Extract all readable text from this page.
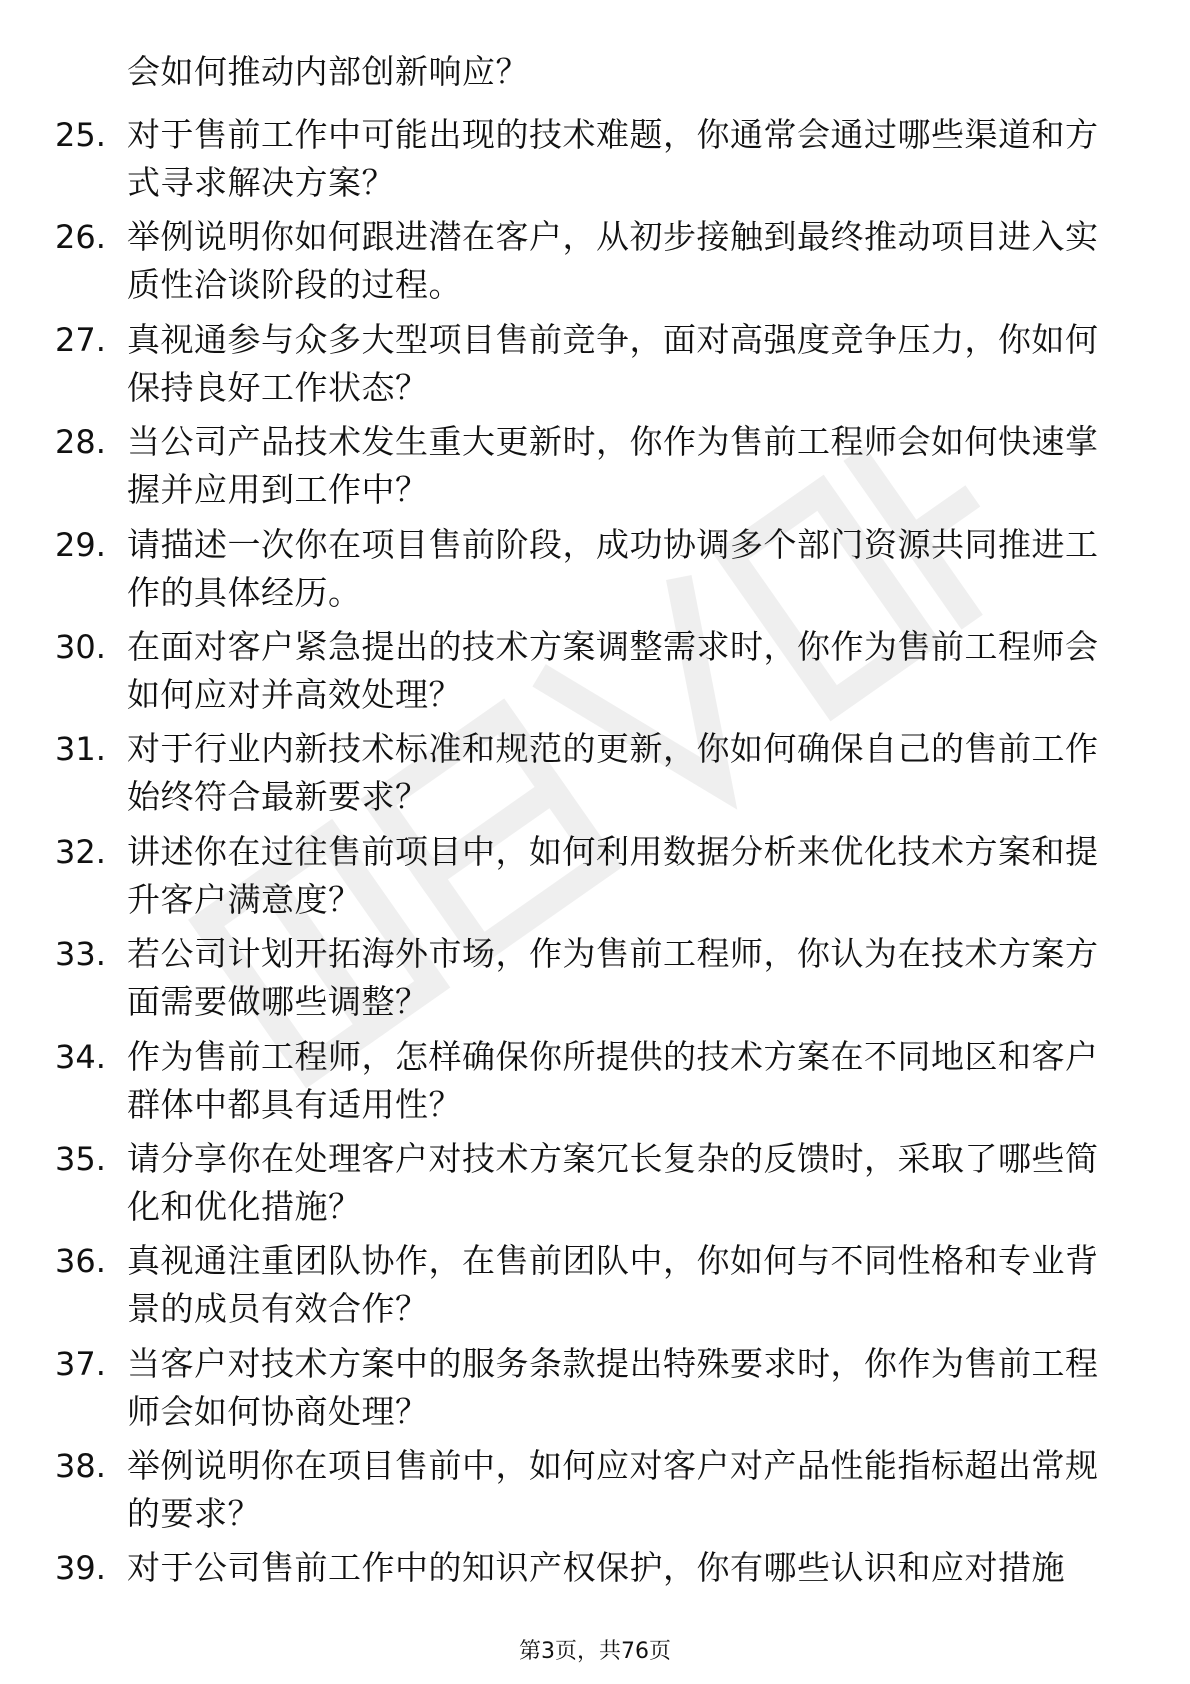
会如何推动内部创新响应？
25. 对于售前工作中可能出现的技术难题，你通常会通过哪些渠道和方式寻求解决方案？
26. 举例说明你如何跟进潜在客户，从初步接触到最终推动项目进入实质性洽谈阶段的过程。
27. 真视通参与众多大型项目售前竞争，面对高强度竞争压力，你如何保持良好工作状态？
28. 当公司产品技术发生重大更新时，你作为售前工程师会如何快速掌握并应用到工作中？
29. 请描述一次你在项目售前阶段，成功协调多个部门资源共同推进工作的具体经历。
30. 在面对客户紧急提出的技术方案调整需求时，你作为售前工程师会如何应对并高效处理？
31. 对于行业内新技术标准和规范的更新，你如何确保自己的售前工作始终符合最新要求？
32. 讲述你在过往售前项目中，如何利用数据分析来优化技术方案和提升客户满意度？
33. 若公司计划开拓海外市场，作为售前工程师，你认为在技术方案方面需要做哪些调整？
34. 作为售前工程师，怎样确保你所提供的技术方案在不同地区和客户群体中都具有适用性？
35. 请分享你在处理客户对技术方案冗长复杂的反馈时，采取了哪些简化和优化措施？
36. 真视通注重团队协作，在售前团队中，你如何与不同性格和专业背景的成员有效合作？
37. 当客户对技术方案中的服务条款提出特殊要求时，你作为售前工程师会如何协商处理？
38. 举例说明你在项目售前中，如何应对客户对产品性能指标超出常规的要求？
39. 对于公司售前工作中的知识产权保护，你有哪些认识和应对措施
第3页，共76页
